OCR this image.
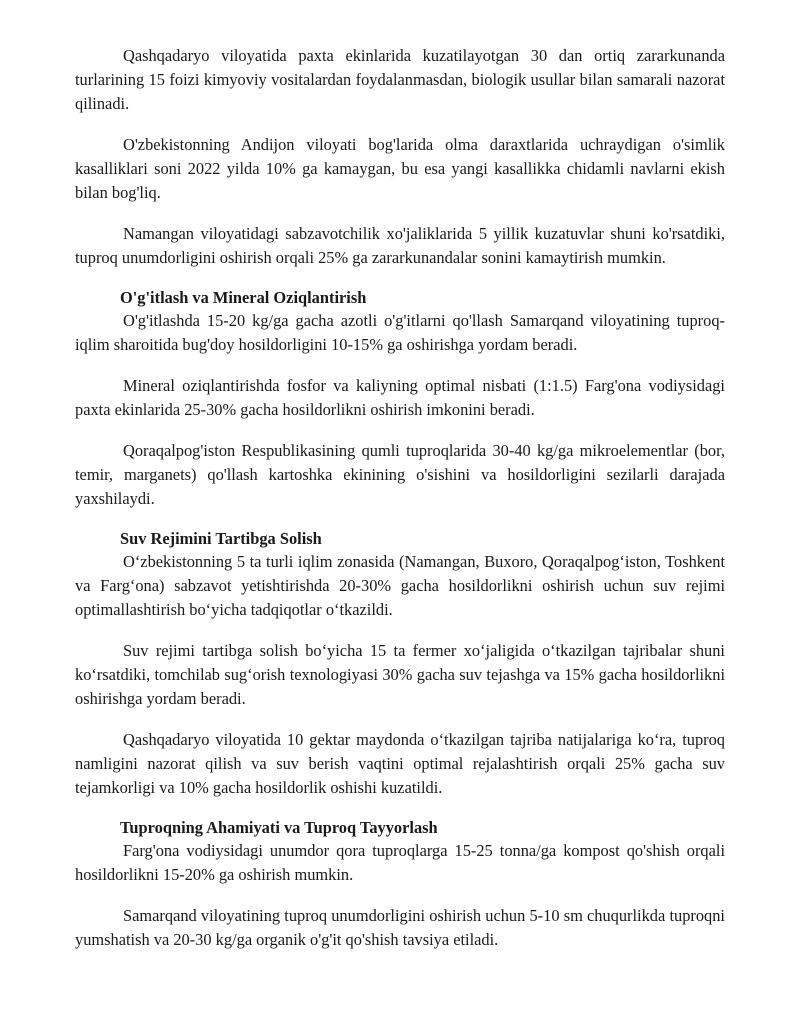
Qashqadaryo viloyatida paxta ekinlarida kuzatilayotgan 30 dan ortiq zararkunanda turlarining 15 foizi kimyoviy vositalardan foydalanmasdan, biologik usullar bilan samarali nazorat qilinadi.

O'zbekistonning Andijon viloyati bog'larida olma daraxtlarida uchraydigan o'simlik kasalliklari soni 2022 yilda 10% ga kamaygan, bu esa yangi kasallikka chidamli navlarni ekish bilan bog'liq.

Namangan viloyatidagi sabzavotchilik xo'jaliklarida 5 yillik kuzatuvlar shuni ko'rsatdiki, tuproq unumdorligini oshirish orqali 25% ga zararkunandalar sonini kamaytirish mumkin.

O'g'itlash va Mineral Oziqlantirish

O'g'itlashda 15-20 kg/ga gacha azotli o'g'itlarni qo'llash Samarqand viloyatining tuproq-iqlim sharoitida bug'doy hosildorligini 10-15% ga oshirishga yordam beradi.

Mineral oziqlantirishda fosfor va kaliyning optimal nisbati (1:1.5) Farg'ona vodiysidagi paxta ekinlarida 25-30% gacha hosildorlikni oshirish imkonini beradi.

Qoraqalpog'iston Respublikasining qumli tuproqlarida 30-40 kg/ga mikroelementlar (bor, temir, marganets) qo'llash kartoshka ekinining o'sishini va hosildorligini sezilarli darajada yaxshilaydi.

Suv Rejimini Tartibga Solish

O‘zbekistonning 5 ta turli iqlim zonasida (Namangan, Buxoro, Qoraqalpog‘iston, Toshkent va Farg‘ona) sabzavot yetishtirishda 20-30% gacha hosildorlikni oshirish uchun suv rejimi optimallashtirish bo‘yicha tadqiqotlar o‘tkazildi.

Suv rejimi tartibga solish bo‘yicha 15 ta fermer xo‘jaligida o‘tkazilgan tajribalar shuni ko‘rsatdiki, tomchilab sug‘orish texnologiyasi 30% gacha suv tejashga va 15% gacha hosildorlikni oshirishga yordam beradi.

Qashqadaryo viloyatida 10 gektar maydonda o‘tkazilgan tajriba natijalariga ko‘ra, tuproq namligini nazorat qilish va suv berish vaqtini optimal rejalashtirish orqali 25% gacha suv tejamkorligi va 10% gacha hosildorlik oshishi kuzatildi.

Tuproqning Ahamiyati va Tuproq Tayyorlash

Farg'ona vodiysidagi unumdor qora tuproqlarga 15-25 tonna/ga kompost qo'shish orqali hosildorlikni 15-20% ga oshirish mumkin.

Samarqand viloyatining tuproq unumdorligini oshirish uchun 5-10 sm chuqurlikda tuproqni yumshatish va 20-30 kg/ga organik o'g'it qo'shish tavsiya etiladi.
